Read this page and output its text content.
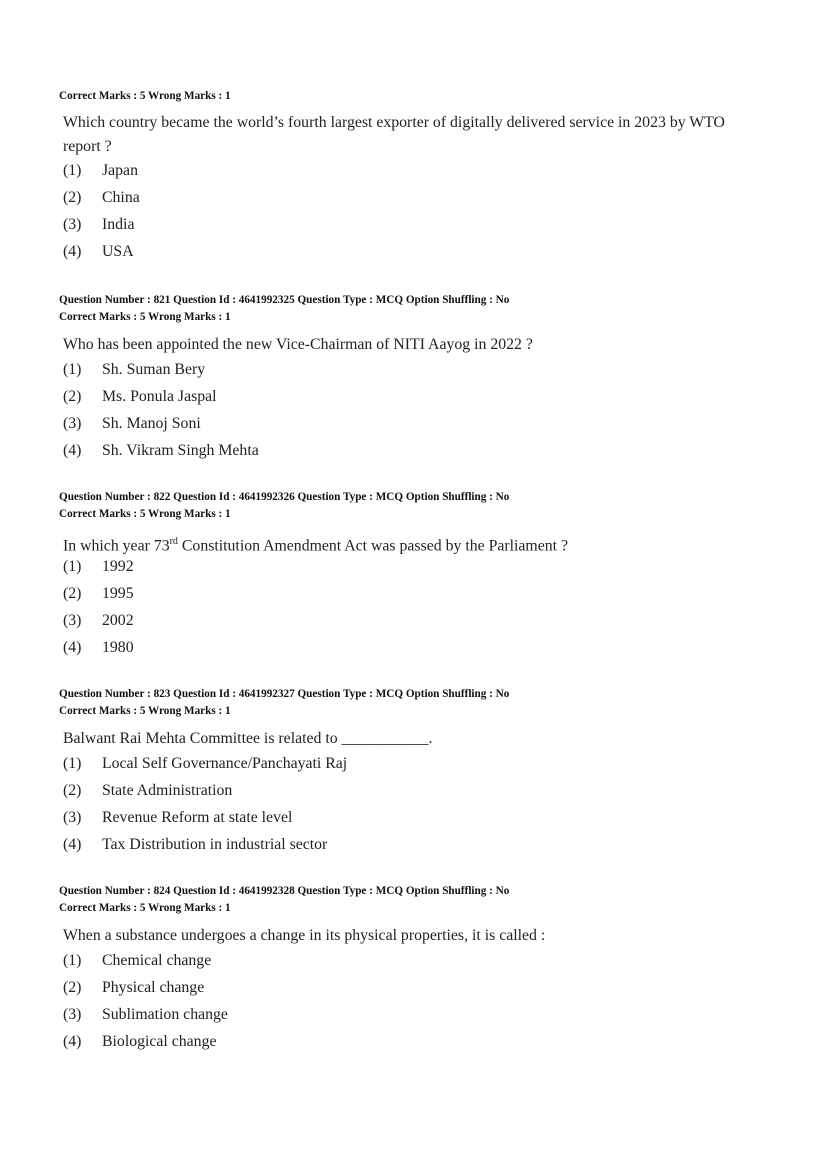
Correct Marks : 5 Wrong Marks : 1
Which country became the world’s fourth largest exporter of digitally delivered service in 2023 by WTO report ?
(1) Japan
(2) China
(3) India
(4) USA
Question Number : 821 Question Id : 4641992325 Question Type : MCQ Option Shuffling : No
Correct Marks : 5 Wrong Marks : 1
Who has been appointed the new Vice-Chairman of NITI Aayog in 2022 ?
(1) Sh. Suman Bery
(2) Ms. Ponula Jaspal
(3) Sh. Manoj Soni
(4) Sh. Vikram Singh Mehta
Question Number : 822 Question Id : 4641992326 Question Type : MCQ Option Shuffling : No
Correct Marks : 5 Wrong Marks : 1
In which year 73rd Constitution Amendment Act was passed by the Parliament ?
(1) 1992
(2) 1995
(3) 2002
(4) 1980
Question Number : 823 Question Id : 4641992327 Question Type : MCQ Option Shuffling : No
Correct Marks : 5 Wrong Marks : 1
Balwant Rai Mehta Committee is related to ___________.
(1) Local Self Governance/Panchayati Raj
(2) State Administration
(3) Revenue Reform at state level
(4) Tax Distribution in industrial sector
Question Number : 824 Question Id : 4641992328 Question Type : MCQ Option Shuffling : No
Correct Marks : 5 Wrong Marks : 1
When a substance undergoes a change in its physical properties, it is called :
(1) Chemical change
(2) Physical change
(3) Sublimation change
(4) Biological change
